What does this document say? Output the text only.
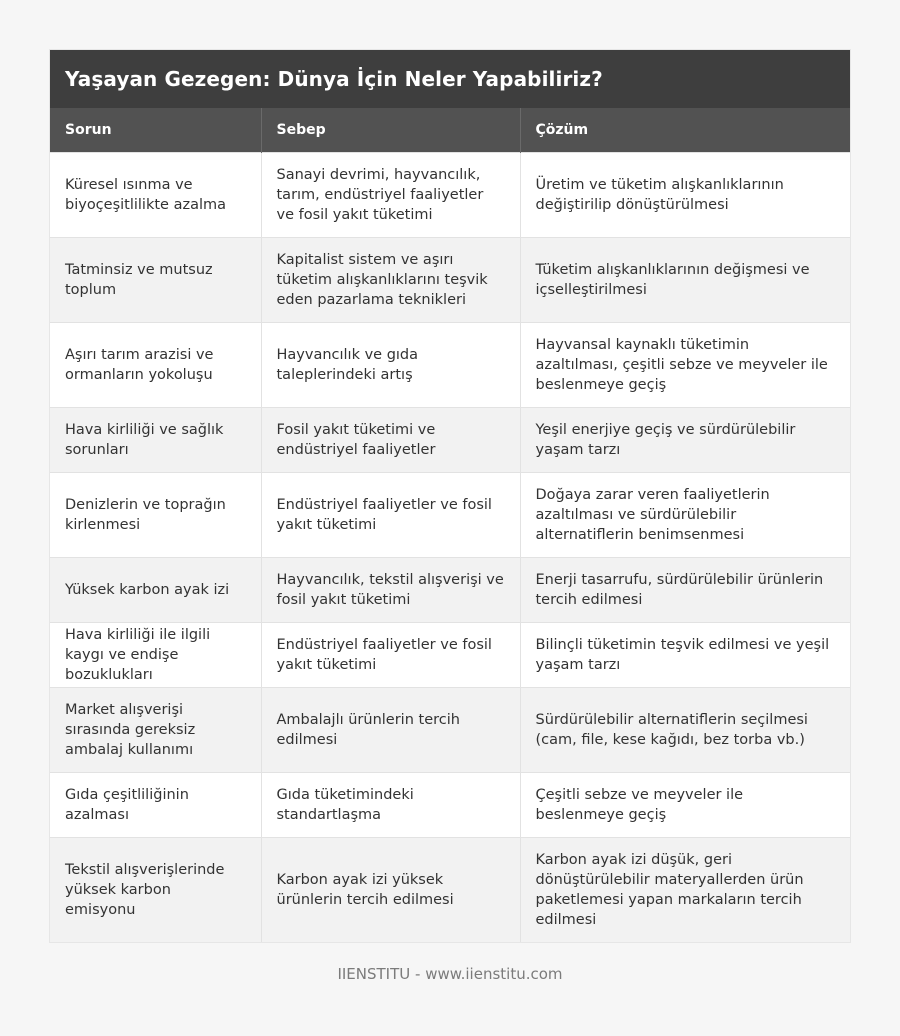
Yaşayan Gezegen: Dünya İçin Neler Yapabiliriz?
Sorun	Sebep	Çözüm
Küresel ısınma ve biyoçeşitlilikte azalma	Sanayi devrimi, hayvancılık, tarım, endüstriyel faaliyetler ve fosil yakıt tüketimi	Üretim ve tüketim alışkanlıklarının değiştirilip dönüştürülmesi
Tatminsiz ve mutsuz toplum	Kapitalist sistem ve aşırı tüketim alışkanlıklarını teşvik eden pazarlama teknikleri	Tüketim alışkanlıklarının değişmesi ve içselleştirilmesi
Aşırı tarım arazisi ve ormanların yokoluşu	Hayvancılık ve gıda taleplerindeki artış	Hayvansal kaynaklı tüketimin azaltılması, çeşitli sebze ve meyveler ile beslenmeye geçiş
Hava kirliliği ve sağlık sorunları	Fosil yakıt tüketimi ve endüstriyel faaliyetler	Yeşil enerjiye geçiş ve sürdürülebilir yaşam tarzı
Denizlerin ve toprağın kirlenmesi	Endüstriyel faaliyetler ve fosil yakıt tüketimi	Doğaya zarar veren faaliyetlerin azaltılması ve sürdürülebilir alternatiflerin benimsenmesi
Yüksek karbon ayak izi	Hayvancılık, tekstil alışverişi ve fosil yakıt tüketimi	Enerji tasarrufu, sürdürülebilir ürünlerin tercih edilmesi
Hava kirliliği ile ilgili kaygı ve endişe bozuklukları	Endüstriyel faaliyetler ve fosil yakıt tüketimi	Bilinçli tüketimin teşvik edilmesi ve yeşil yaşam tarzı
Market alışverişi sırasında gereksiz ambalaj kullanımı	Ambalajlı ürünlerin tercih edilmesi	Sürdürülebilir alternatiflerin seçilmesi (cam, file, kese kağıdı, bez torba vb.)
Gıda çeşitliliğinin azalması	Gıda tüketimindeki standartlaşma	Çeşitli sebze ve meyveler ile beslenmeye geçiş
Tekstil alışverişlerinde yüksek karbon emisyonu	Karbon ayak izi yüksek ürünlerin tercih edilmesi	Karbon ayak izi düşük, geri dönüştürülebilir materyallerden ürün paketlemesi yapan markaların tercih edilmesi
IIENSTITU - www.iienstitu.com
